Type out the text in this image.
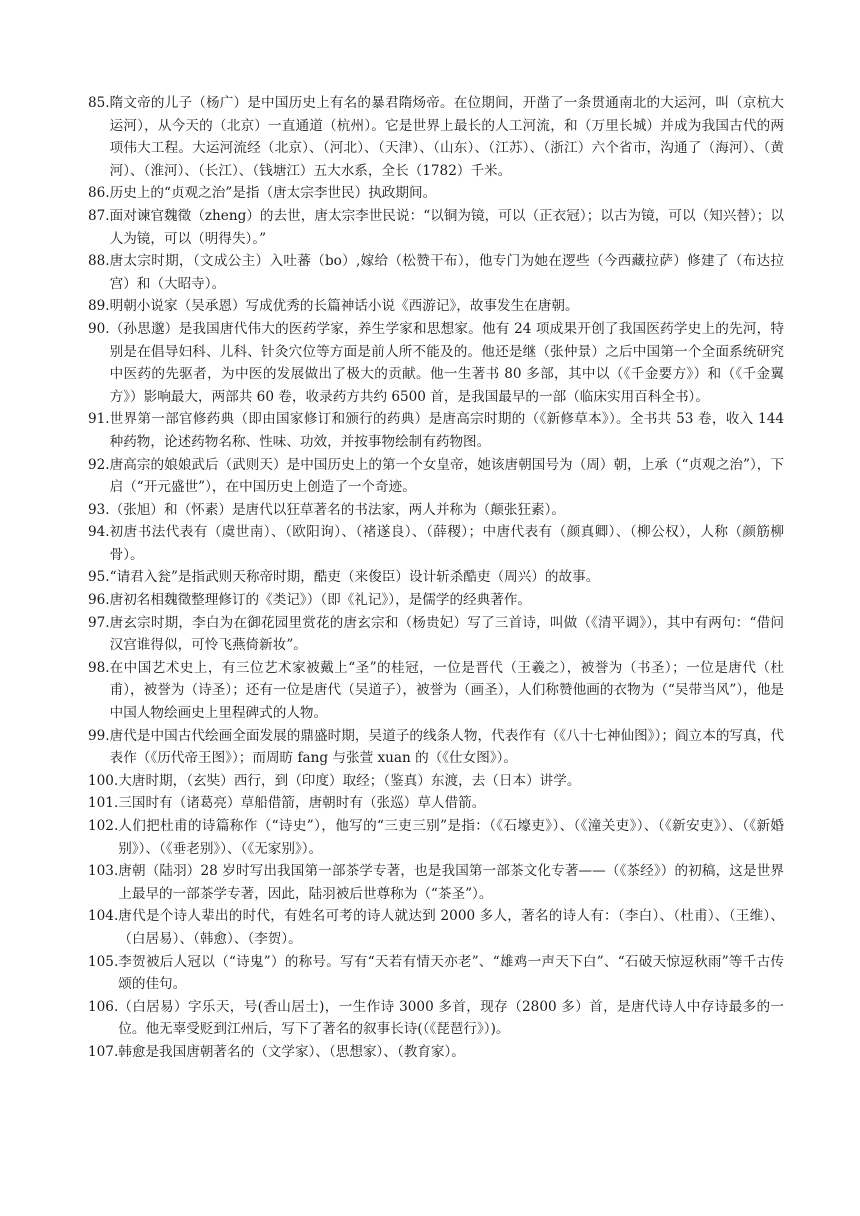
85. 隋文帝的儿子（杨广）是中国历史上有名的暴君隋炀帝。在位期间，开凿了一条贯通南北的大运河，叫（京杭大运河），从今天的（北京）一直通道（杭州）。它是世界上最长的人工河流，和（万里长城）并成为我国古代的两项伟大工程。大运河流经（北京）、（河北）、（天津）、（山东）、（江苏）、（浙江）六个省市，沟通了（海河）、（黄河）、（淮河）、（长江）、（钱塘江）五大水系，全长（1782）千米。
86. 历史上的“贞观之治”是指（唐太宗李世民）执政期间。
87. 面对谏官魏徵（zheng）的去世，唐太宗李世民说：“以铜为镜，可以（正衣冠）；以古为镜，可以（知兴替）；以人为镜，可以（明得失）。”
88. 唐太宗时期，（文成公主）入吐蕃（bo）,嫁给（松赞干布），他专门为她在逻些（今西藏拉萨）修建了（布达拉宫）和（大昭寺）。
89. 明朝小说家（吴承恩）写成优秀的长篇神话小说《西游记》，故事发生在唐朝。
90. （孙思邈）是我国唐代伟大的医药学家，养生学家和思想家。他有 24 项成果开创了我国医药学史上的先河，特别是在倡导妇科、儿科、针灸穴位等方面是前人所不能及的。他还是继（张仲景）之后中国第一个全面系统研究中医药的先驱者，为中医的发展做出了极大的贡献。他一生著书 80 多部，其中以（《千金要方》）和（《千金翼方》）影响最大，两部共 60 卷，收录药方共约 6500 首，是我国最早的一部（临床实用百科全书）。
91. 世界第一部官修药典（即由国家修订和颁行的药典）是唐高宗时期的（《新修草本》）。全书共 53 卷，收入 144 种药物，论述药物名称、性味、功效，并按事物绘制有药物图。
92. 唐高宗的娘娘武后（武则天）是中国历史上的第一个女皇帝，她该唐朝国号为（周）朝，上承（“贞观之治”），下启（“开元盛世”），在中国历史上创造了一个奇迹。
93. （张旭）和（怀素）是唐代以狂草著名的书法家，两人并称为（颠张狂素）。
94. 初唐书法代表有（虞世南）、（欧阳询）、（褚遂良）、（薛稷）；中唐代表有（颜真卿）、（柳公权），人称（颜筋柳骨）。
95. “请君入瓮”是指武则天称帝时期，酷吏（来俊臣）设计斩杀酷吏（周兴）的故事。
96. 唐初名相魏徵整理修订的《类记》）（即《礼记》），是儒学的经典著作。
97. 唐玄宗时期，李白为在御花园里赏花的唐玄宗和（杨贵妃）写了三首诗，叫做（《清平调》），其中有两句：“借问汉宫谁得似，可怜飞燕倚新妆”。
98. 在中国艺术史上，有三位艺术家被戴上“圣”的桂冠，一位是晋代（王羲之），被誉为（书圣）；一位是唐代（杜甫），被誉为（诗圣）；还有一位是唐代（吴道子），被誉为（画圣），人们称赞他画的衣物为（“吴带当风”），他是中国人物绘画史上里程碑式的人物。
99. 唐代是中国古代绘画全面发展的鼎盛时期，吴道子的线条人物，代表作有（《八十七神仙图》）；阎立本的写真，代表作（《历代帝王图》）；而周昉 fang 与张萱 xuan 的（《仕女图》）。
100. 大唐时期，（玄奘）西行，到（印度）取经；（鉴真）东渡，去（日本）讲学。
101. 三国时有（诸葛亮）草船借箭，唐朝时有（张巡）草人借箭。
102. 人们把杜甫的诗篇称作（“诗史”），他写的“三吏三别”是指：（《石壕吏》）、（《潼关吏》）、（《新安吏》）、（《新婚别》）、（《垂老别》）、（《无家别》）。
103. 唐朝（陆羽）28 岁时写出我国第一部茶学专著，也是我国第一部茶文化专著——（《茶经》）的初稿，这是世界上最早的一部茶学专著，因此，陆羽被后世尊称为（“茶圣”）。
104. 唐代是个诗人辈出的时代，有姓名可考的诗人就达到 2000 多人，著名的诗人有：（李白）、（杜甫）、（王维）、（白居易）、（韩愈）、（李贺）。
105. 李贺被后人冠以（“诗鬼”）的称号。写有“天若有情天亦老”、“雄鸡一声天下白”、“石破天惊逗秋雨”等千古传颂的佳句。
106. （白居易）字乐天，号(香山居士)，一生作诗 3000 多首，现存（2800 多）首，是唐代诗人中存诗最多的一位。他无辜受贬到江州后，写下了著名的叙事长诗(（《琵琶行》）)。
107. 韩愈是我国唐朝著名的（文学家）、（思想家）、（教育家）。
